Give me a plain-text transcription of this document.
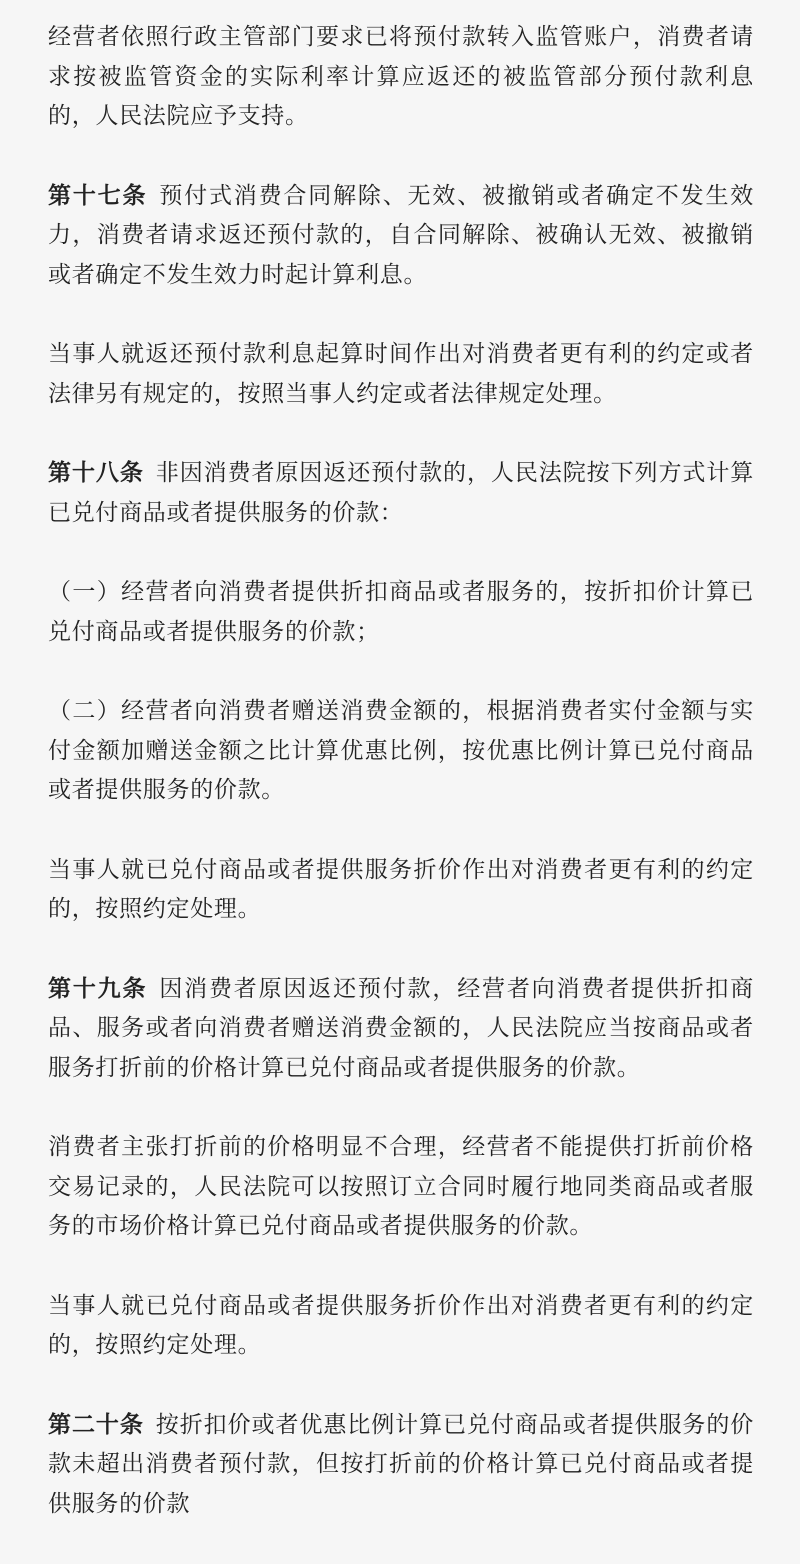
经营者依照行政主管部门要求已将预付款转入监管账户，消费者请求按被监管资金的实际利率计算应返还的被监管部分预付款利息的，人民法院应予支持。

第十七条 预付式消费合同解除、无效、被撤销或者确定不发生效力，消费者请求返还预付款的，自合同解除、被确认无效、被撤销或者确定不发生效力时起计算利息。

当事人就返还预付款利息起算时间作出对消费者更有利的约定或者法律另有规定的，按照当事人约定或者法律规定处理。

第十八条 非因消费者原因返还预付款的，人民法院按下列方式计算已兑付商品或者提供服务的价款：

（一）经营者向消费者提供折扣商品或者服务的，按折扣价计算已兑付商品或者提供服务的价款；

（二）经营者向消费者赠送消费金额的，根据消费者实付金额与实付金额加赠送金额之比计算优惠比例，按优惠比例计算已兑付商品或者提供服务的价款。

当事人就已兑付商品或者提供服务折价作出对消费者更有利的约定的，按照约定处理。

第十九条 因消费者原因返还预付款，经营者向消费者提供折扣商品、服务或者向消费者赠送消费金额的，人民法院应当按商品或者服务打折前的价格计算已兑付商品或者提供服务的价款。

消费者主张打折前的价格明显不合理，经营者不能提供打折前价格交易记录的，人民法院可以按照订立合同时履行地同类商品或者服务的市场价格计算已兑付商品或者提供服务的价款。

当事人就已兑付商品或者提供服务折价作出对消费者更有利的约定的，按照约定处理。

第二十条 按折扣价或者优惠比例计算已兑付商品或者提供服务的价款未超出消费者预付款，但按打折前的价格计算已兑付商品或者提供服务的价款
